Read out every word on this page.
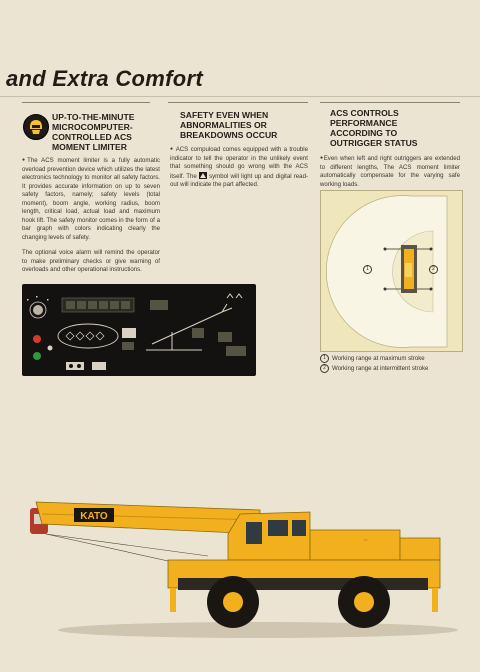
and Extra Comfort
UP-TO-THE-MINUTE
MICROCOMPUTER-
CONTROLLED ACS
MOMENT LIMITER

● The ACS moment limiter is a fully automatic overload prevention device which utilizes the latest electronics technology to monitor all safety factors. It provides accurate information on up to seven safety factors, namely; safety levels (total moment), boom angle, working radius, boom length, critical load, actual load and maximum hook lift. The safety monitor comes in the form of a bar graph with colors indicating clearly the changing levels of safety.

The optional voice alarm will remind the operator to make preliminary checks or give warning of overloads and other operational instructions.

SAFETY EVEN WHEN
ABNORMALITIES OR
BREAKDOWNS OCCUR

● ACS compuload comes equipped with a trouble indicator to tell the operator in the unlikely event that something should go wrong with the ACS itself. The symbol will light up and digital read-out will indicate the part affected.

ACS CONTROLS
PERFORMANCE
ACCORDING TO
OUTRIGGER STATUS

● Even when left and right outriggers are extended to different lengths, The ACS moment limiter automatically compensate for the varying safe working loads.

1	2
1	Working range at maximum stroke
2	Working range at intermittent stroke
KATO
~
